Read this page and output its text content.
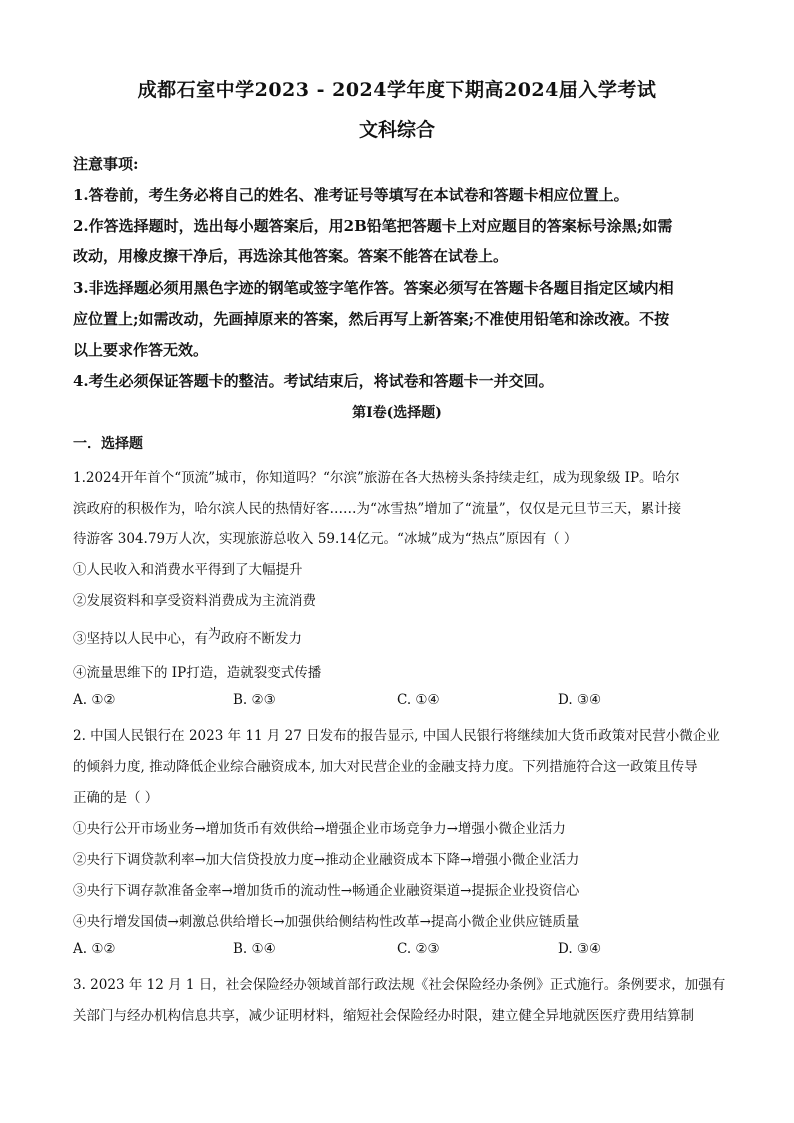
成都石室中学2023 - 2024学年度下期高2024届入学考试
文科综合
注意事项:
1.答卷前，考生务必将自己的姓名、准考证号等填写在本试卷和答题卡相应位置上。
2.作答选择题时，选出每小题答案后，用2B铅笔把答题卡上对应题目的答案标号涂黑;如需
改动，用橡皮擦干净后，再选涂其他答案。答案不能答在试卷上。
3.非选择题必须用黑色字迹的钢笔或签字笔作答。答案必须写在答题卡各题目指定区域内相
应位置上;如需改动，先画掉原来的答案，然后再写上新答案;不准使用铅笔和涂改液。不按
以上要求作答无效。
4.考生必须保证答题卡的整洁。考试结束后，将试卷和答题卡一并交回。
第I卷(选择题)
一．选择题
1.2024开年首个“顶流”城市，你知道吗？“尔滨”旅游在各大热榜头条持续走红，成为现象级 IP。哈尔
滨政府的积极作为，哈尔滨人民的热情好客……为“冰雪热”增加了“流量”，仅仅是元旦节三天，累计接
待游客 304.79万人次，实现旅游总收入 59.14亿元。“冰城”成为“热点”原因有（ ）
①人民收入和消费水平得到了大幅提升
②发展资料和享受资料消费成为主流消费
③坚持以人民中心，有为政府不断发力
④流量思维下的 IP打造，造就裂变式传播
A. ①②	B. ②③	C. ①④	D. ③④
2. 中国人民银行在 2023 年 11 月 27 日发布的报告显示, 中国人民银行将继续加大货币政策对民营小微企业
的倾斜力度, 推动降低企业综合融资成本, 加大对民营企业的金融支持力度。下列措施符合这一政策且传导
正确的是（ ）
①央行公开市场业务→增加货币有效供给→增强企业市场竞争力→增强小微企业活力
②央行下调贷款利率→加大信贷投放力度→推动企业融资成本下降→增强小微企业活力
③央行下调存款准备金率→增加货币的流动性→畅通企业融资渠道→提振企业投资信心
④央行增发国债→刺激总供给增长→加强供给侧结构性改革→提高小微企业供应链质量
A. ①②	B. ①④	C. ②③	D. ③④
3. 2023 年 12 月 1 日，社会保险经办领域首部行政法规《社会保险经办条例》正式施行。条例要求，加强有
关部门与经办机构信息共享，减少证明材料，缩短社会保险经办时限，建立健全异地就医医疗费用结算制
